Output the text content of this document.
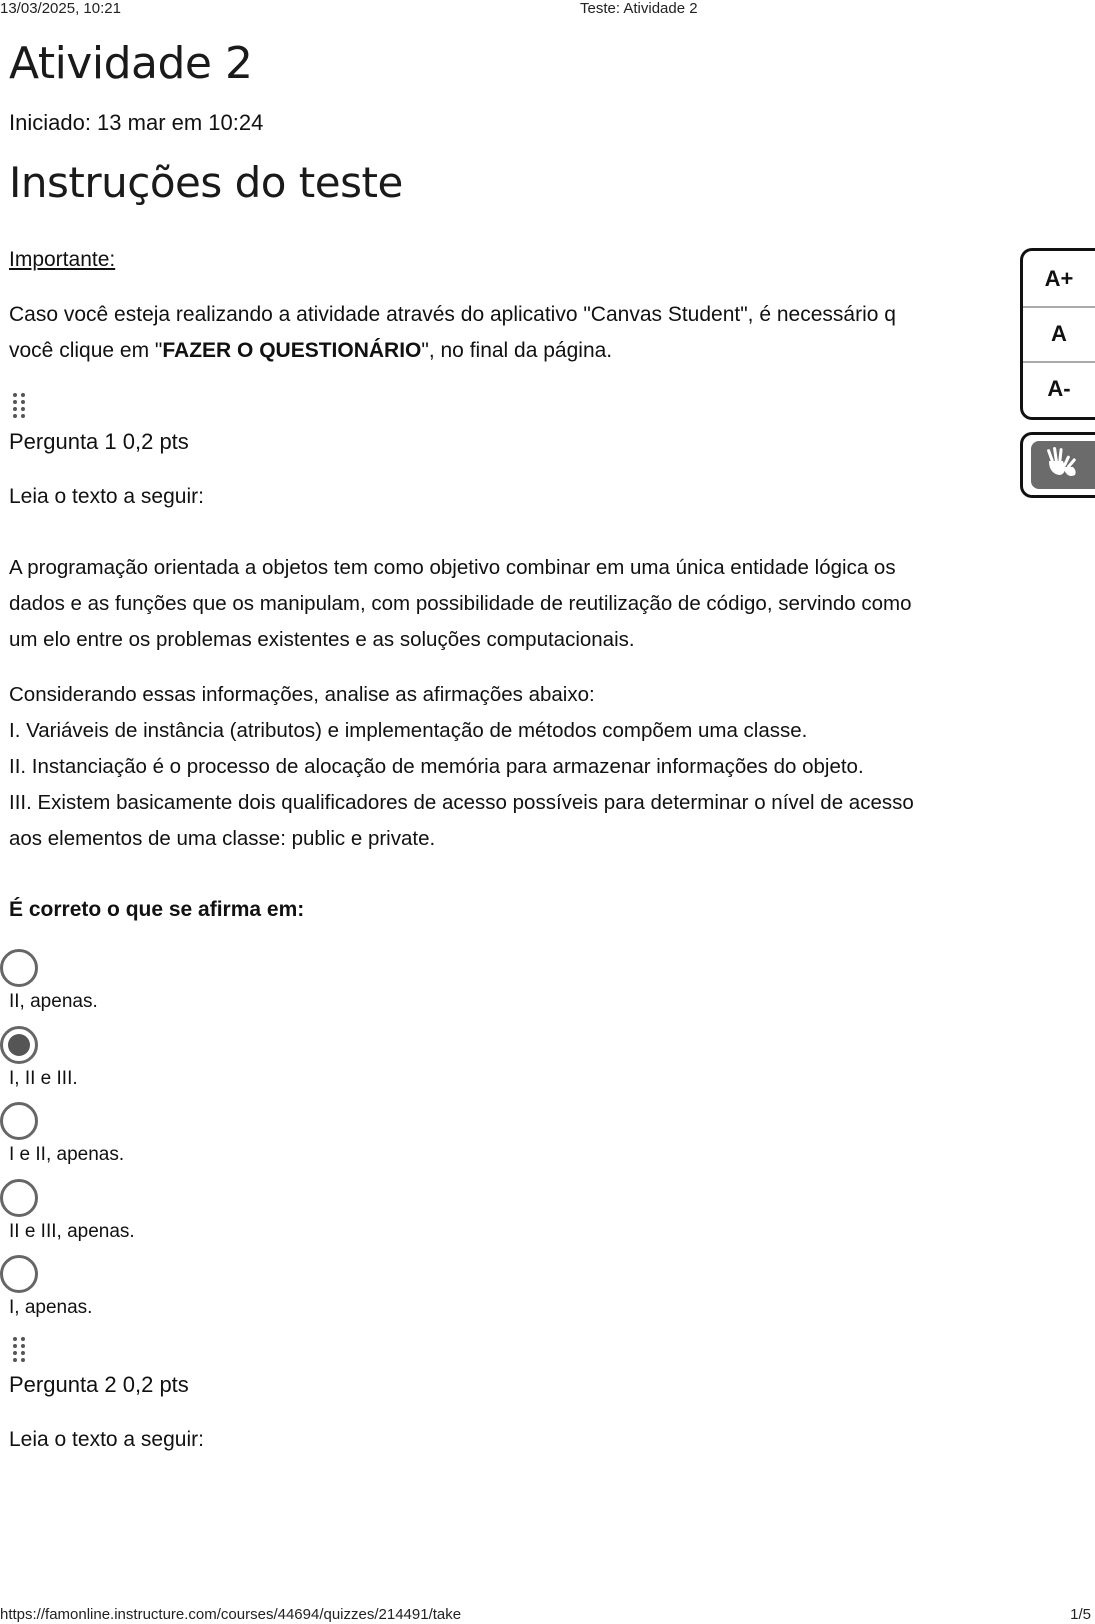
13/03/2025, 10:21	Teste: Atividade 2
Atividade 2
Iniciado: 13 mar em 10:24
Instruções do teste
Importante:
Caso você esteja realizando a atividade através do aplicativo "Canvas Student", é necessário q
você clique em "FAZER O QUESTIONÁRIO", no final da página.
Pergunta 1 0,2 pts
Leia o texto a seguir:
A programação orientada a objetos tem como objetivo combinar em uma única entidade lógica os
dados e as funções que os manipulam, com possibilidade de reutilização de código, servindo como
um elo entre os problemas existentes e as soluções computacionais.
Considerando essas informações, analise as afirmações abaixo:
I. Variáveis de instância (atributos) e implementação de métodos compõem uma classe.
II. Instanciação é o processo de alocação de memória para armazenar informações do objeto.
III. Existem basicamente dois qualificadores de acesso possíveis para determinar o nível de acesso
aos elementos de uma classe: public e private.
É correto o que se afirma em:
II, apenas.
I, II e III.
I e II, apenas.
II e III, apenas.
I, apenas.
Pergunta 2 0,2 pts
Leia o texto a seguir:
A+
A
A-
https://famonline.instructure.com/courses/44694/quizzes/214491/take	1/5
